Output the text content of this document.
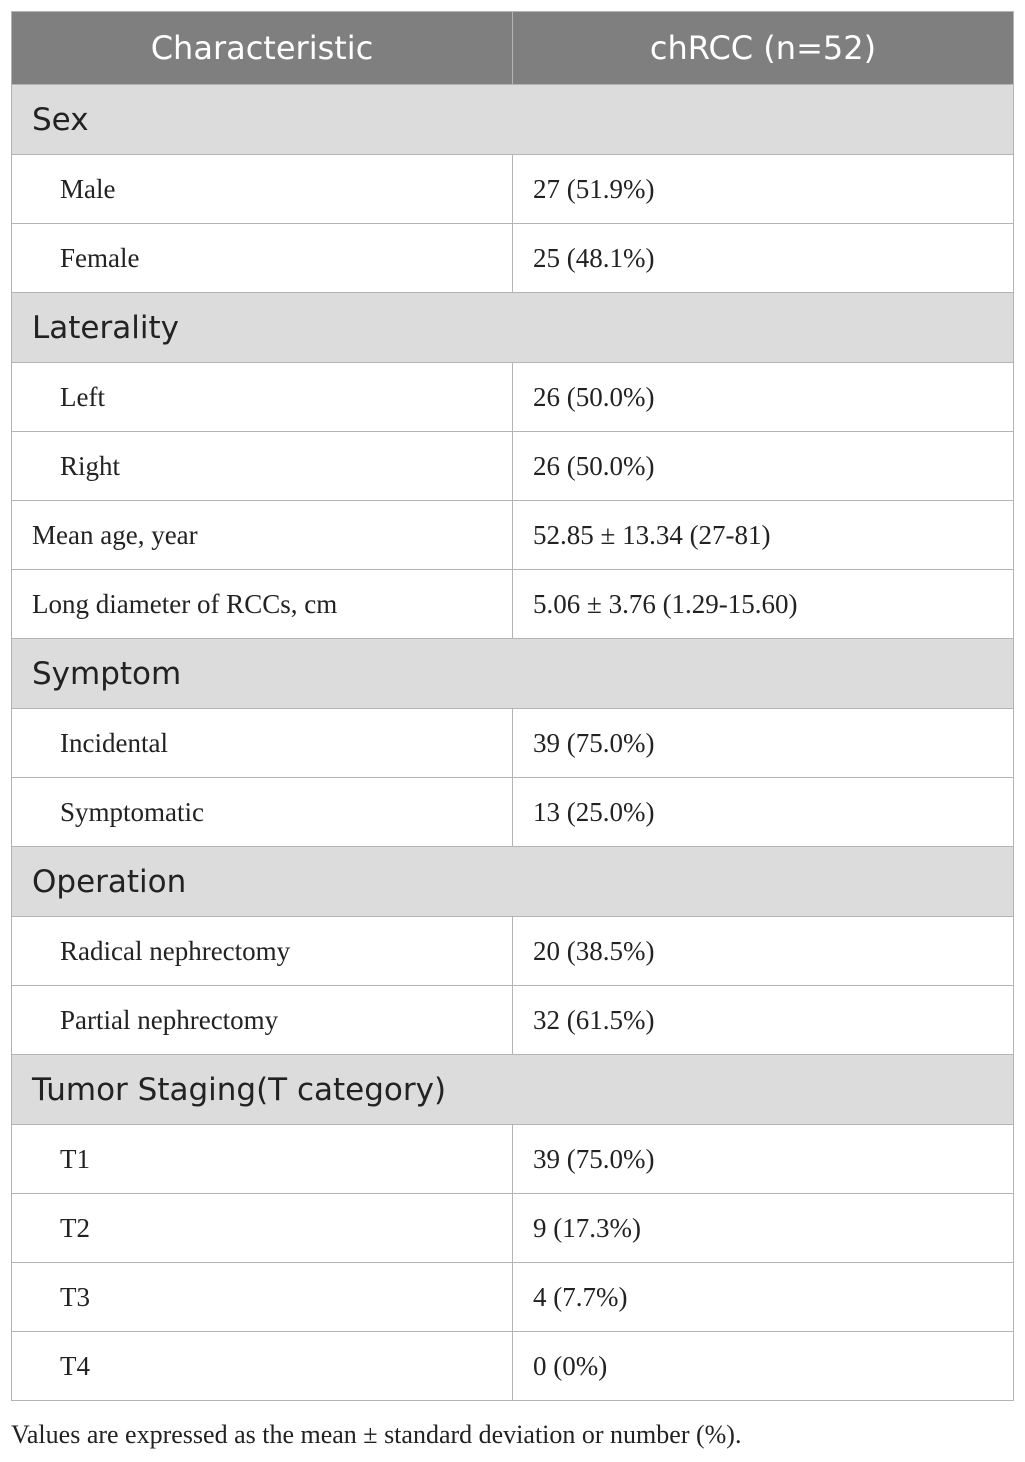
Characteristic	chRCC (n=52)
Sex	
Male	27 (51.9%)
Female	25 (48.1%)
Laterality	
Left	26 (50.0%)
Right	26 (50.0%)
Mean age, year	52.85 ± 13.34 (27-81)
Long diameter of RCCs, cm	5.06 ± 3.76 (1.29-15.60)
Symptom	
Incidental	39 (75.0%)
Symptomatic	13 (25.0%)
Operation	
Radical nephrectomy	20 (38.5%)
Partial nephrectomy	32 (61.5%)
Tumor Staging(T category)	
T1	39 (75.0%)
T2	9 (17.3%)
T3	4 (7.7%)
T4	0 (0%)
Values are expressed as the mean ± standard deviation or number (%).
